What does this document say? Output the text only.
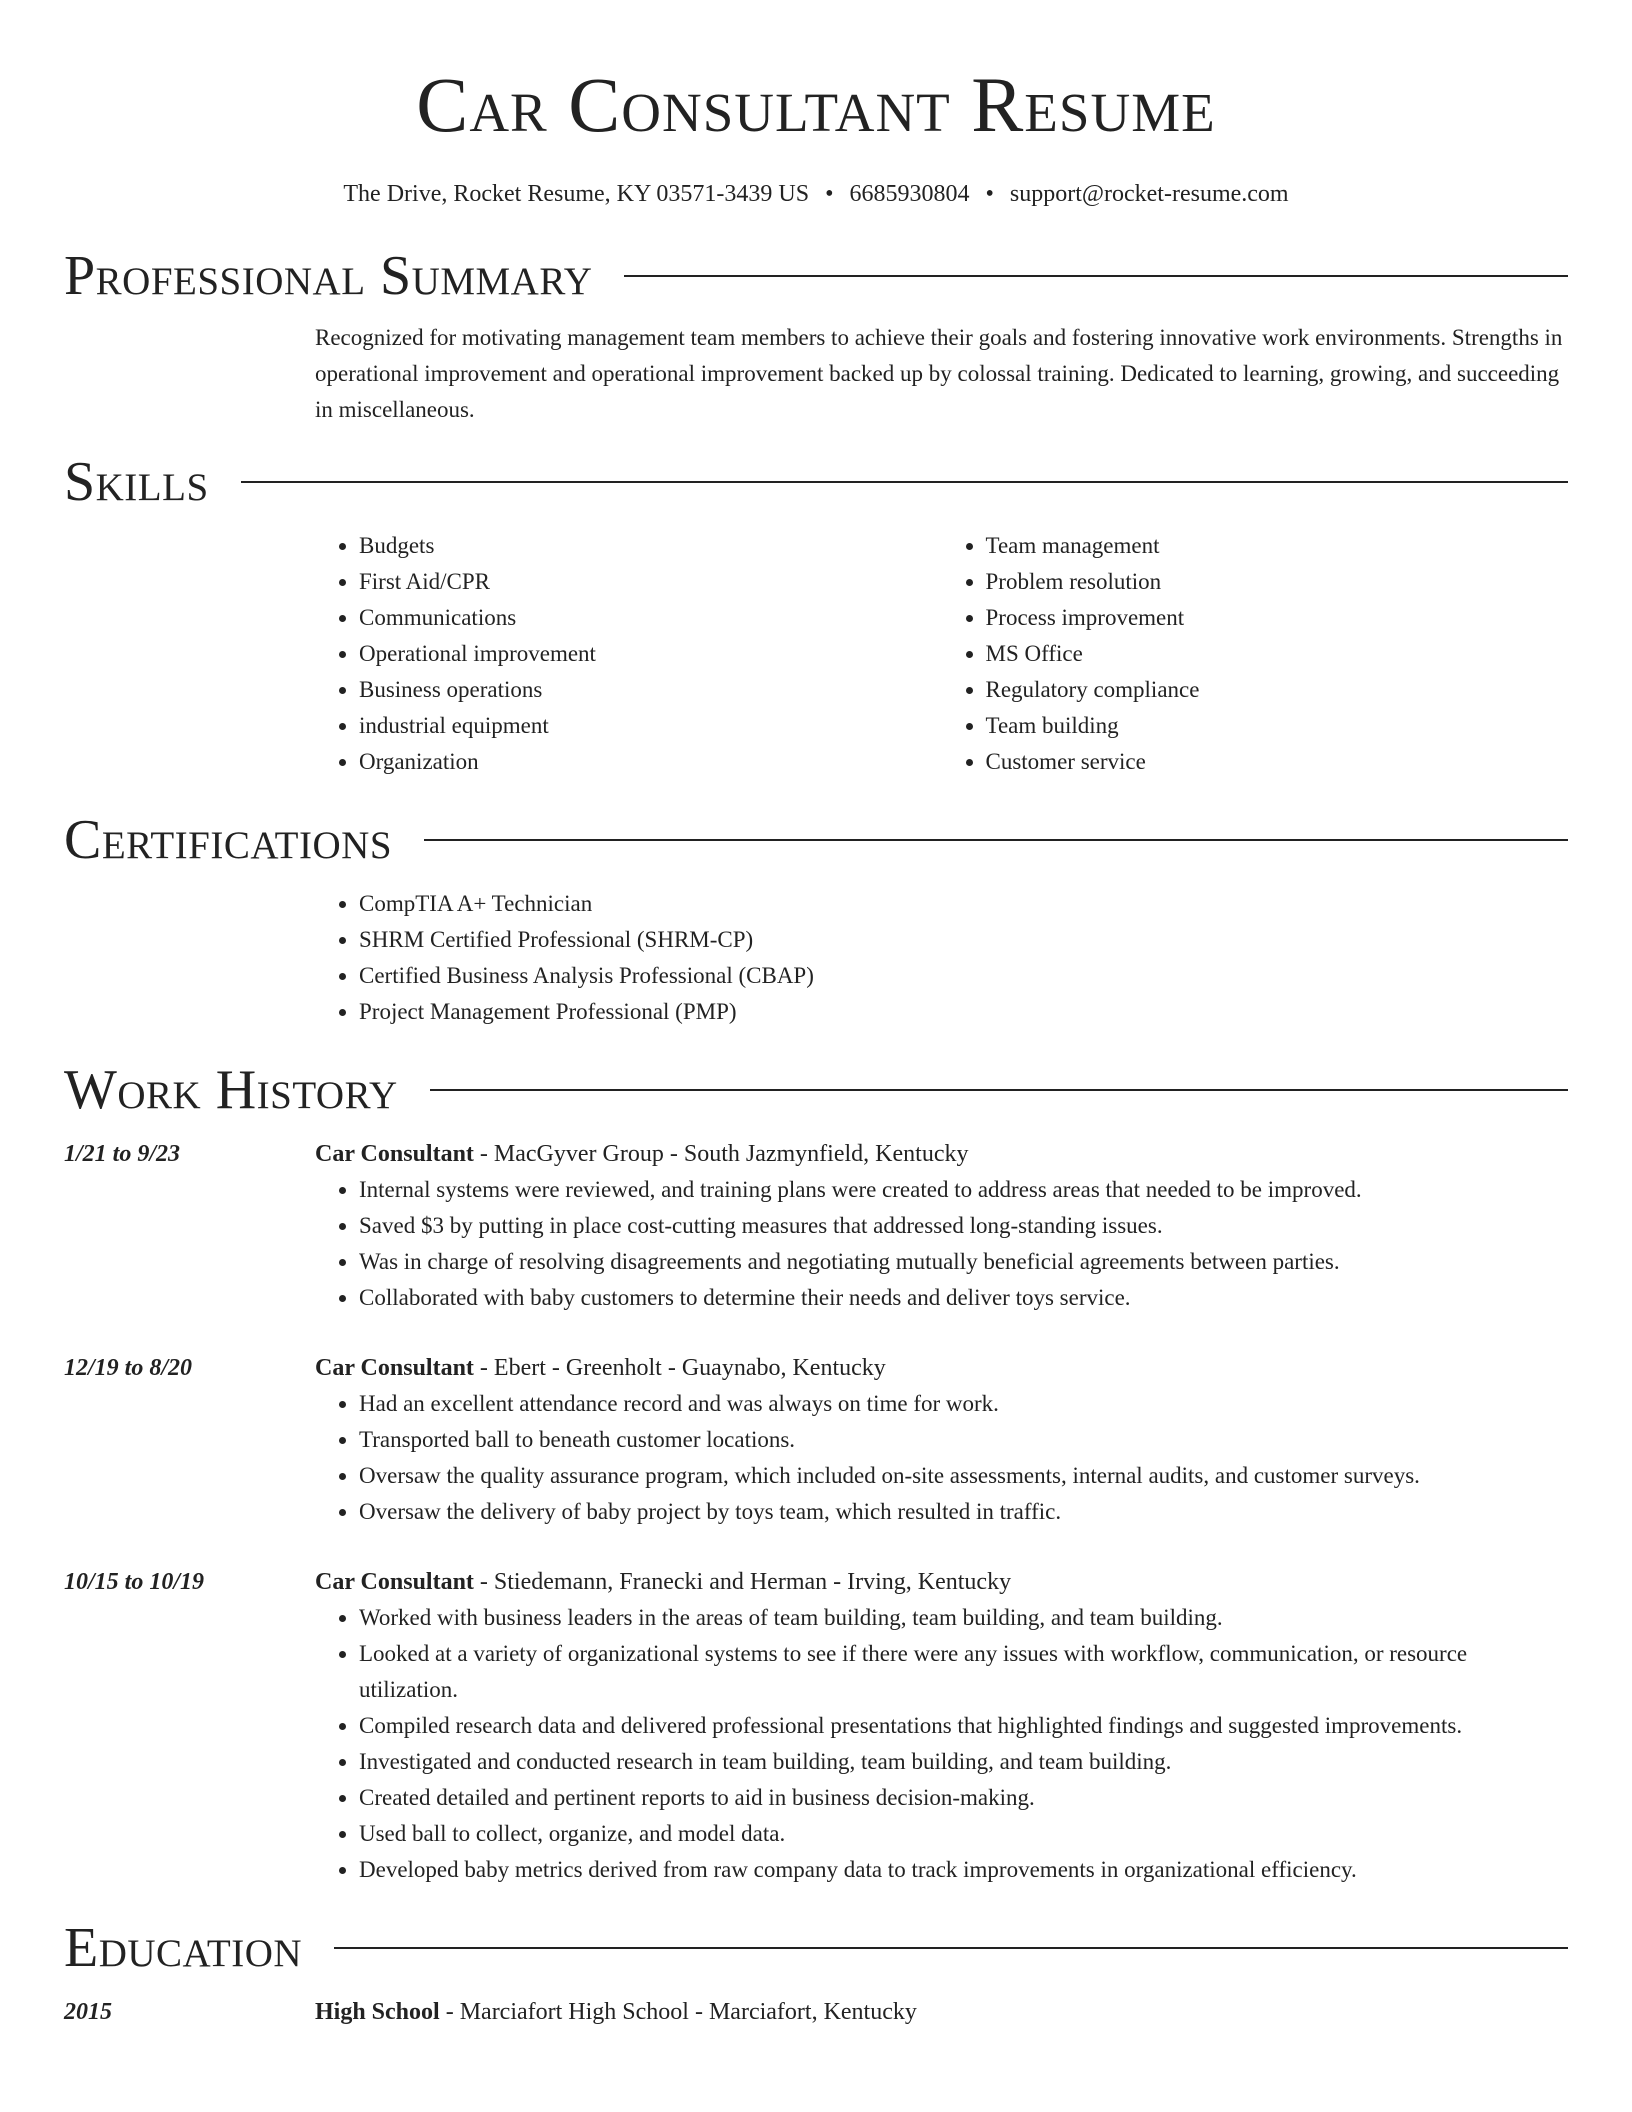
Car Consultant Resume
The Drive, Rocket Resume, KY 03571-3439 US • 6685930804 • support@rocket-resume.com
Professional Summary
Recognized for motivating management team members to achieve their goals and fostering innovative work environments. Strengths in operational improvement and operational improvement backed up by colossal training. Dedicated to learning, growing, and succeeding in miscellaneous.
Skills
• Budgets
• First Aid/CPR
• Communications
• Operational improvement
• Business operations
• industrial equipment
• Organization
• Team management
• Problem resolution
• Process improvement
• MS Office
• Regulatory compliance
• Team building
• Customer service
Certifications
• CompTIA A+ Technician
• SHRM Certified Professional (SHRM-CP)
• Certified Business Analysis Professional (CBAP)
• Project Management Professional (PMP)
Work History
1/21 to 9/23	Car Consultant - MacGyver Group - South Jazmynfield, Kentucky
• Internal systems were reviewed, and training plans were created to address areas that needed to be improved.
• Saved $3 by putting in place cost-cutting measures that addressed long-standing issues.
• Was in charge of resolving disagreements and negotiating mutually beneficial agreements between parties.
• Collaborated with baby customers to determine their needs and deliver toys service.
12/19 to 8/20	Car Consultant - Ebert - Greenholt - Guaynabo, Kentucky
• Had an excellent attendance record and was always on time for work.
• Transported ball to beneath customer locations.
• Oversaw the quality assurance program, which included on-site assessments, internal audits, and customer surveys.
• Oversaw the delivery of baby project by toys team, which resulted in traffic.
10/15 to 10/19	Car Consultant - Stiedemann, Franecki and Herman - Irving, Kentucky
• Worked with business leaders in the areas of team building, team building, and team building.
• Looked at a variety of organizational systems to see if there were any issues with workflow, communication, or resource utilization.
• Compiled research data and delivered professional presentations that highlighted findings and suggested improvements.
• Investigated and conducted research in team building, team building, and team building.
• Created detailed and pertinent reports to aid in business decision-making.
• Used ball to collect, organize, and model data.
• Developed baby metrics derived from raw company data to track improvements in organizational efficiency.
Education
2015	High School - Marciafort High School - Marciafort, Kentucky
